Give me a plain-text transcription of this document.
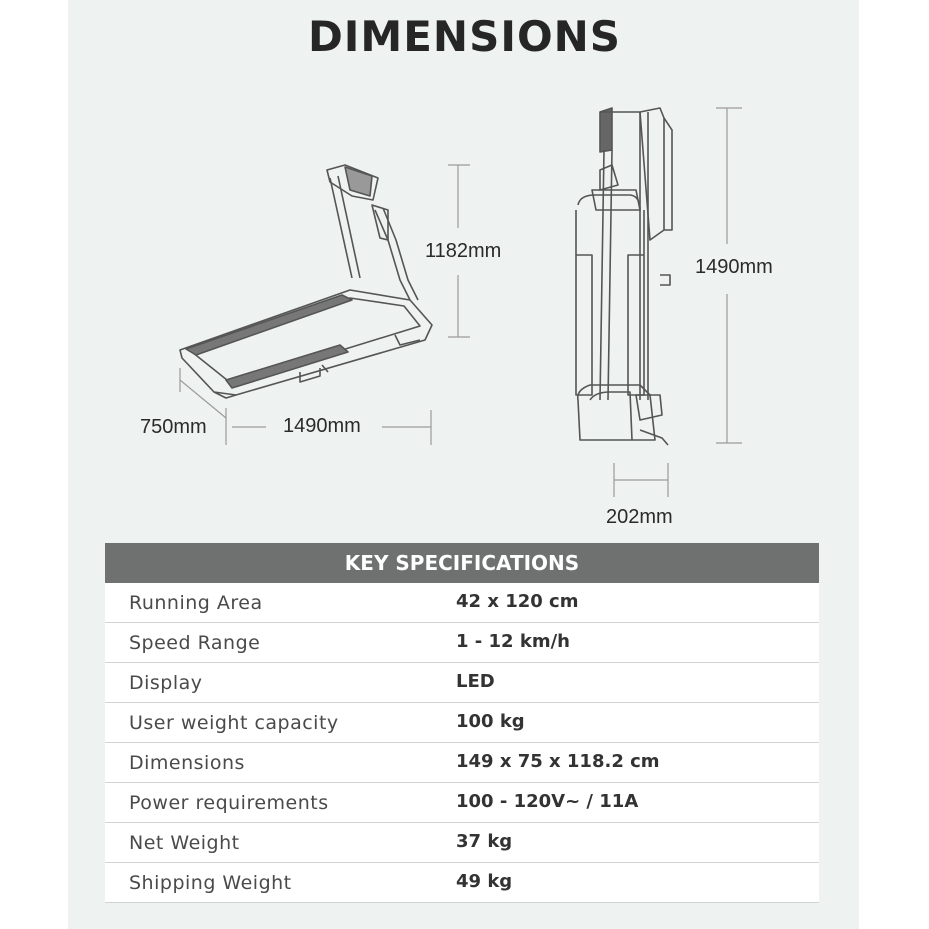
DIMENSIONS
1182mm
750mm	1490mm
1490mm
202mm
KEY SPECIFICATIONS
Running Area	42 x 120 cm
Speed Range	1 - 12 km/h
Display	LED
User weight capacity	100 kg
Dimensions	149 x 75 x 118.2 cm
Power requirements	100 - 120V~ / 11A
Net Weight	37 kg
Shipping Weight	49 kg
